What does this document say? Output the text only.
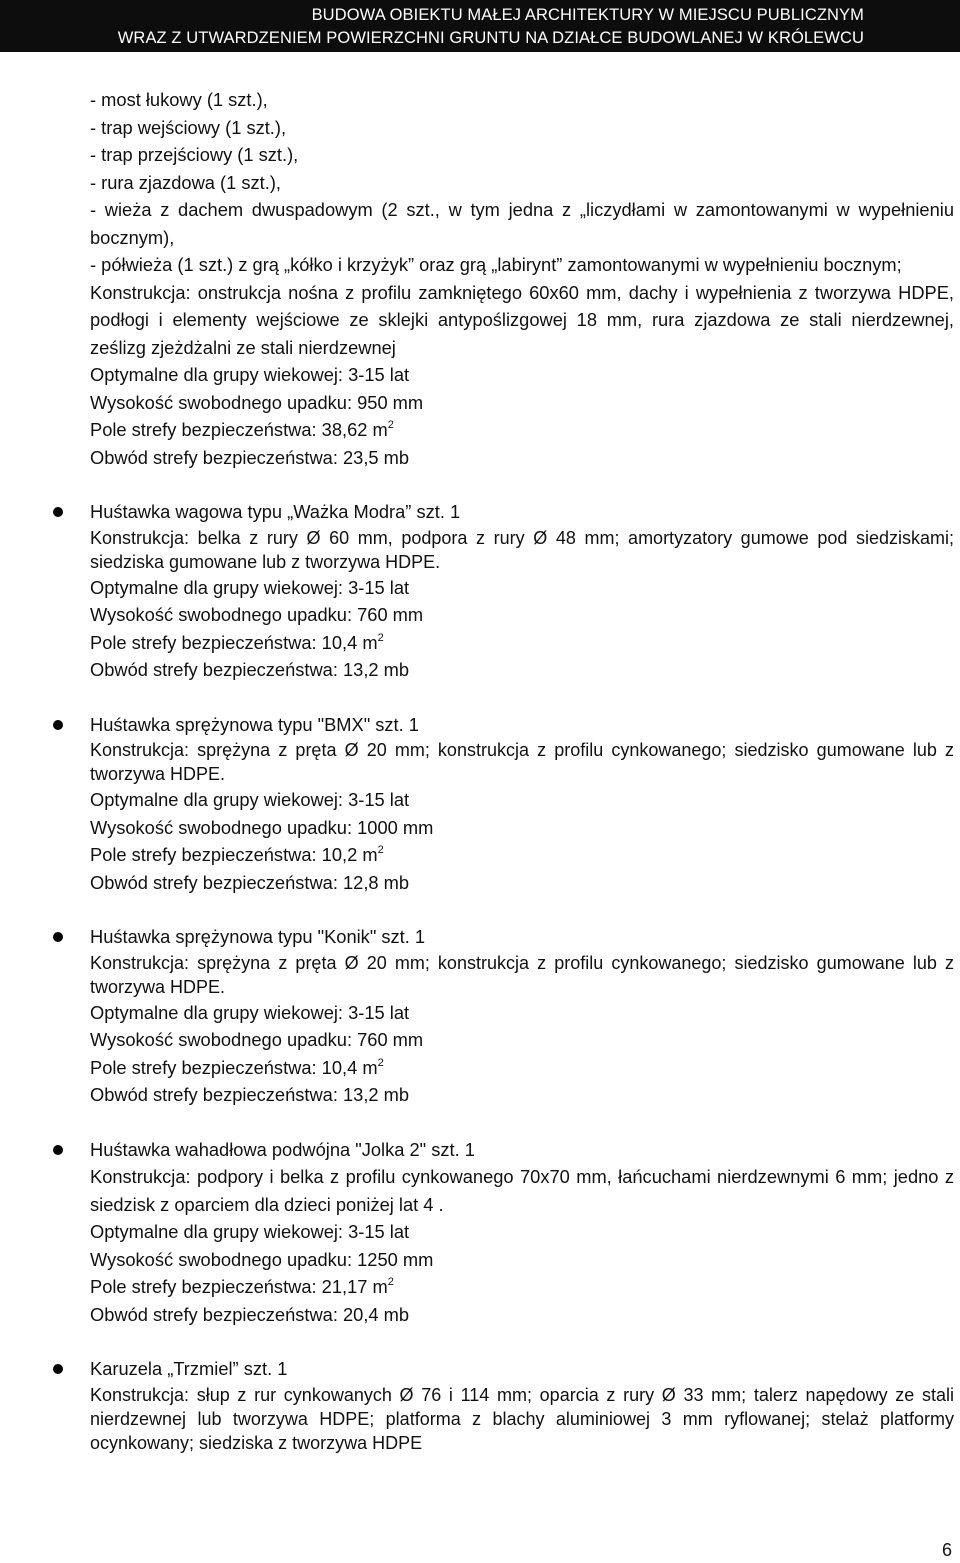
BUDOWA OBIEKTU MAŁEJ ARCHITEKTURY W MIEJSCU PUBLICZNYM
WRAZ Z UTWARDZENIEM POWIERZCHNI GRUNTU NA DZIAŁCE BUDOWLANEJ W KRÓLEWCU
- most łukowy (1 szt.),
- trap wejściowy (1 szt.),
- trap przejściowy (1 szt.),
- rura zjazdowa (1 szt.),
- wieża z dachem dwuspadowym (2 szt., w tym jedna z „liczydłami w zamontowanymi w wypełnieniu bocznym),
- półwieża (1 szt.) z grą „kółko i krzyżyk” oraz grą „labirynt” zamontowanymi w wypełnieniu bocznym;
Konstrukcja: onstrukcja nośna z profilu zamkniętego 60x60 mm, dachy i wypełnienia z tworzywa HDPE, podłogi i elementy wejściowe ze sklejki antypoślizgowej 18 mm, rura zjazdowa ze stali nierdzewnej, ześlizg zjeżdżalni ze stali nierdzewnej
Optymalne dla grupy wiekowej: 3-15 lat
Wysokość swobodnego upadku: 950 mm
Pole strefy bezpieczeństwa: 38,62 $m^2$
Obwód strefy bezpieczeństwa: 23,5 mb
Huśtawka wagowa typu „Ważka Modra” szt. 1
Konstrukcja: belka z rury Ø 60 mm, podpora z rury Ø 48 mm; amortyzatory gumowe pod siedziskami; siedziska gumowane lub z tworzywa HDPE.
Optymalne dla grupy wiekowej: 3-15 lat
Wysokość swobodnego upadku: 760 mm
Pole strefy bezpieczeństwa: 10,4 $m^2$
Obwód strefy bezpieczeństwa: 13,2 mb
Huśtawka sprężynowa typu "BMX" szt. 1
Konstrukcja: sprężyna z pręta Ø 20 mm; konstrukcja z profilu cynkowanego; siedzisko gumowane lub z tworzywa HDPE.
Optymalne dla grupy wiekowej: 3-15 lat
Wysokość swobodnego upadku: 1000 mm
Pole strefy bezpieczeństwa: 10,2 $m^2$
Obwód strefy bezpieczeństwa: 12,8 mb
Huśtawka sprężynowa typu "Konik" szt. 1
Konstrukcja: sprężyna z pręta Ø 20 mm; konstrukcja z profilu cynkowanego; siedzisko gumowane lub z tworzywa HDPE.
Optymalne dla grupy wiekowej: 3-15 lat
Wysokość swobodnego upadku: 760 mm
Pole strefy bezpieczeństwa: 10,4 $m^2$
Obwód strefy bezpieczeństwa: 13,2 mb
Huśtawka wahadłowa podwójna "Jolka 2" szt. 1
Konstrukcja: podpory i belka z profilu cynkowanego 70x70 mm, łańcuchami nierdzewnymi 6 mm; jedno z siedzisk z oparciem dla dzieci poniżej lat 4 .
Optymalne dla grupy wiekowej: 3-15 lat
Wysokość swobodnego upadku: 1250 mm
Pole strefy bezpieczeństwa: 21,17 $m^2$
Obwód strefy bezpieczeństwa: 20,4 mb
Karuzela „Trzmiel” szt. 1
Konstrukcja: słup z rur cynkowanych Ø 76 i 114 mm; oparcia z rury Ø 33 mm; talerz napędowy ze stali nierdzewnej lub tworzywa HDPE; platforma z blachy aluminiowej 3 mm ryflowanej; stelaż platformy ocynkowany; siedziska z tworzywa HDPE
6
